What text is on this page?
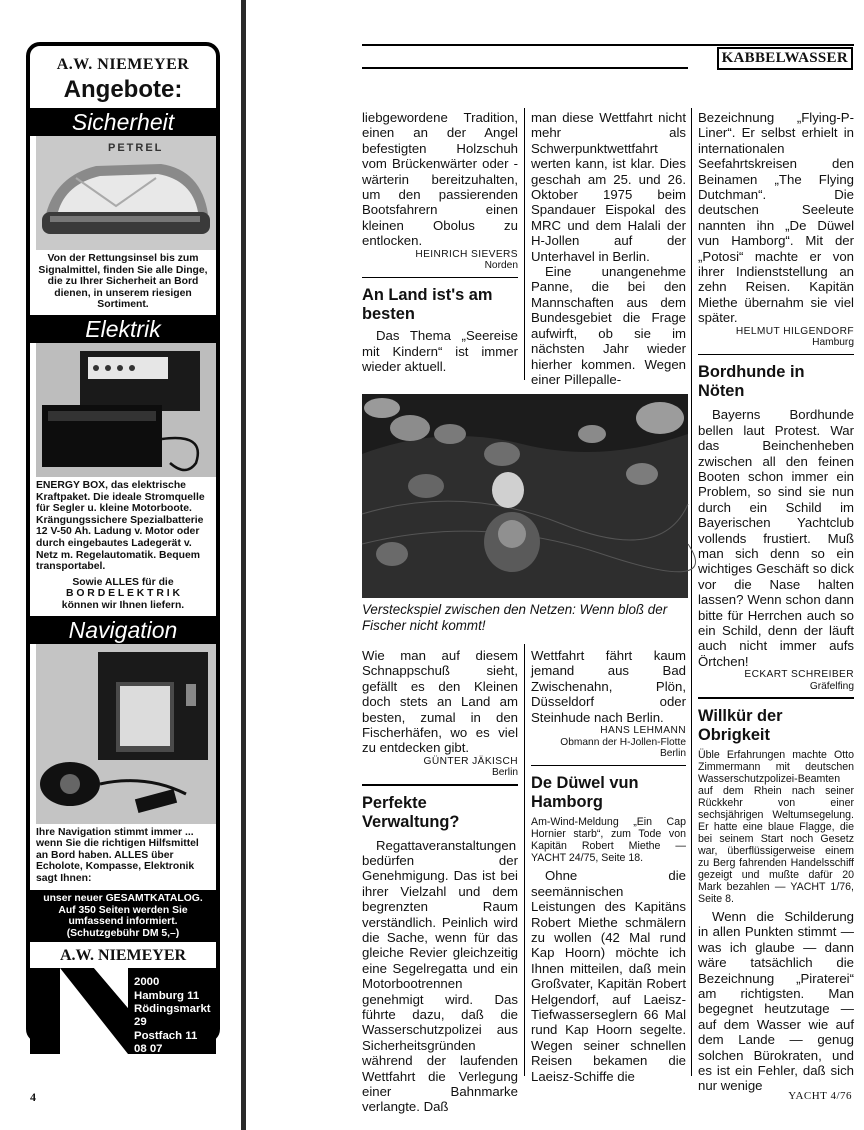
A.W. NIEMEYER
Angebote:
Sicherheit
PETREL
Von der Rettungsinsel bis zum Signalmittel, finden Sie alle Dinge, die zu Ihrer Sicherheit an Bord dienen, in unserem riesigen Sortiment.
Elektrik
ENERGY BOX, das elektrische Kraftpaket. Die ideale Stromquelle für Segler u. kleine Motorboote. Krängungssichere Spezialbatterie 12 V-50 Ah. Ladung v. Motor oder durch eingebautes Ladegerät v. Netz m. Regelautomatik. Bequem transportabel.
Sowie ALLES für die
B O R D E L E K T R I K
können wir Ihnen liefern.
Navigation
Ihre Navigation stimmt immer ... wenn Sie die richtigen Hilfsmittel an Bord haben. ALLES über Echolote, Kompasse, Elektronik sagt Ihnen:
unser neuer GESAMTKATALOG. Auf 350 Seiten werden Sie umfassend informiert. (Schutzgebühr DM 5,–)
A.W. NIEMEYER
2000 Hamburg 11
Rödingsmarkt 29
Postfach 11 08 07
Tel. 040/36 24 91
Telex 021 637 18
KABBELWASSER

liebgewordene Tradition, einen an der Angel befestigten Holzschuh vom Brückenwärter oder -wärterin bereitzuhalten, um den passierenden Bootsfahrern einen kleinen Obolus zu entlocken.

HEINRICH SIEVERS
Norden
An Land ist's am besten

Das Thema „Seereise mit Kindern“ ist immer wieder aktuell.

man diese Wettfahrt nicht mehr als Schwerpunktwettfahrt werten kann, ist klar. Dies geschah am 25. und 26. Oktober 1975 beim Spandauer Eispokal des MRC und dem Halali der H-Jollen auf der Unterhavel in Berlin.

Eine unangenehme Panne, die bei den Mannschaften aus dem Bundesgebiet die Frage aufwirft, ob sie im nächsten Jahr wieder hierher kommen. Wegen einer Pillepalle-

Versteckspiel zwischen den Netzen: Wenn bloß der Fischer nicht kommt!

Wie man auf diesem Schnappschuß sieht, gefällt es den Kleinen doch stets an Land am besten, zumal in den Fischerhäfen, wo es viel zu entdecken gibt.

GÜNTER JÄKISCH
Berlin
Perfekte Verwaltung?

Regattaveranstaltungen bedürfen der Genehmigung. Das ist bei ihrer Vielzahl und dem begrenzten Raum verständlich. Peinlich wird die Sache, wenn für das gleiche Revier gleichzeitig eine Segelregatta und ein Motorbootrennen genehmigt wird. Das führte dazu, daß die Wasserschutzpolizei aus Sicherheitsgründen während der laufenden Wettfahrt die Verlegung einer Bahnmarke verlangte. Daß

Wettfahrt fährt kaum jemand aus Bad Zwischenahn, Plön, Düsseldorf oder Steinhude nach Berlin.

HANS LEHMANN
Obmann der H-Jollen-Flotte
Berlin
De Düwel vun Hamborg

Am-Wind-Meldung „Ein Cap Hornier starb“, zum Tode von Kapitän Robert Miethe — YACHT 24/75, Seite 18.

Ohne die seemännischen Leistungen des Kapitäns Robert Miethe schmälern zu wollen (42 Mal rund Kap Hoorn) möchte ich Ihnen mitteilen, daß mein Großvater, Kapitän Robert Helgendorf, auf Laeisz-Tiefwasserseglern 66 Mal rund Kap Hoorn segelte. Wegen seiner schnellen Reisen bekamen die Laeisz-Schiffe die

Bezeichnung „Flying-P-Liner“. Er selbst erhielt in internationalen Seefahrtskreisen den Beinamen „The Flying Dutchman“. Die deutschen Seeleute nannten ihn „De Düwel vun Hamborg“. Mit der „Potosi“ machte er von ihrer Indienststellung an zehn Reisen. Kapitän Miethe übernahm sie viel später.

HELMUT HILGENDORF
Hamburg
Bordhunde in Nöten

Bayerns Bordhunde bellen laut Protest. War das Beinchenheben zwischen all den feinen Booten schon immer ein Problem, so sind sie nun durch ein Schild im Bayerischen Yachtclub vollends frustiert. Muß man sich denn so ein wichtiges Geschäft so dick vor die Nase halten lassen? Wenn schon dann bitte für Herrchen auch so ein Schild, denn der läuft auch nicht immer aufs Örtchen!

ECKART SCHREIBER
Gräfelfing
Willkür der Obrigkeit

Üble Erfahrungen machte Otto Zimmermann mit deutschen Wasserschutzpolizei-Beamten auf dem Rhein nach seiner Rückkehr von einer sechsjährigen Weltumsegelung. Er hatte eine blaue Flagge, die bei seinem Start noch Gesetz war, überflüssigerweise einem zu Berg fahrenden Handelsschiff gezeigt und mußte dafür 20 Mark bezahlen — YACHT 1/76, Seite 8.

Wenn die Schilderung in allen Punkten stimmt — was ich glaube — dann wäre tatsächlich die Bezeichnung „Piraterei“ am richtigsten. Man begegnet heutzutage — auf dem Wasser wie auf dem Lande — genug solchen Bürokraten, und es ist ein Fehler, daß sich nur wenige

4	YACHT 4/76
